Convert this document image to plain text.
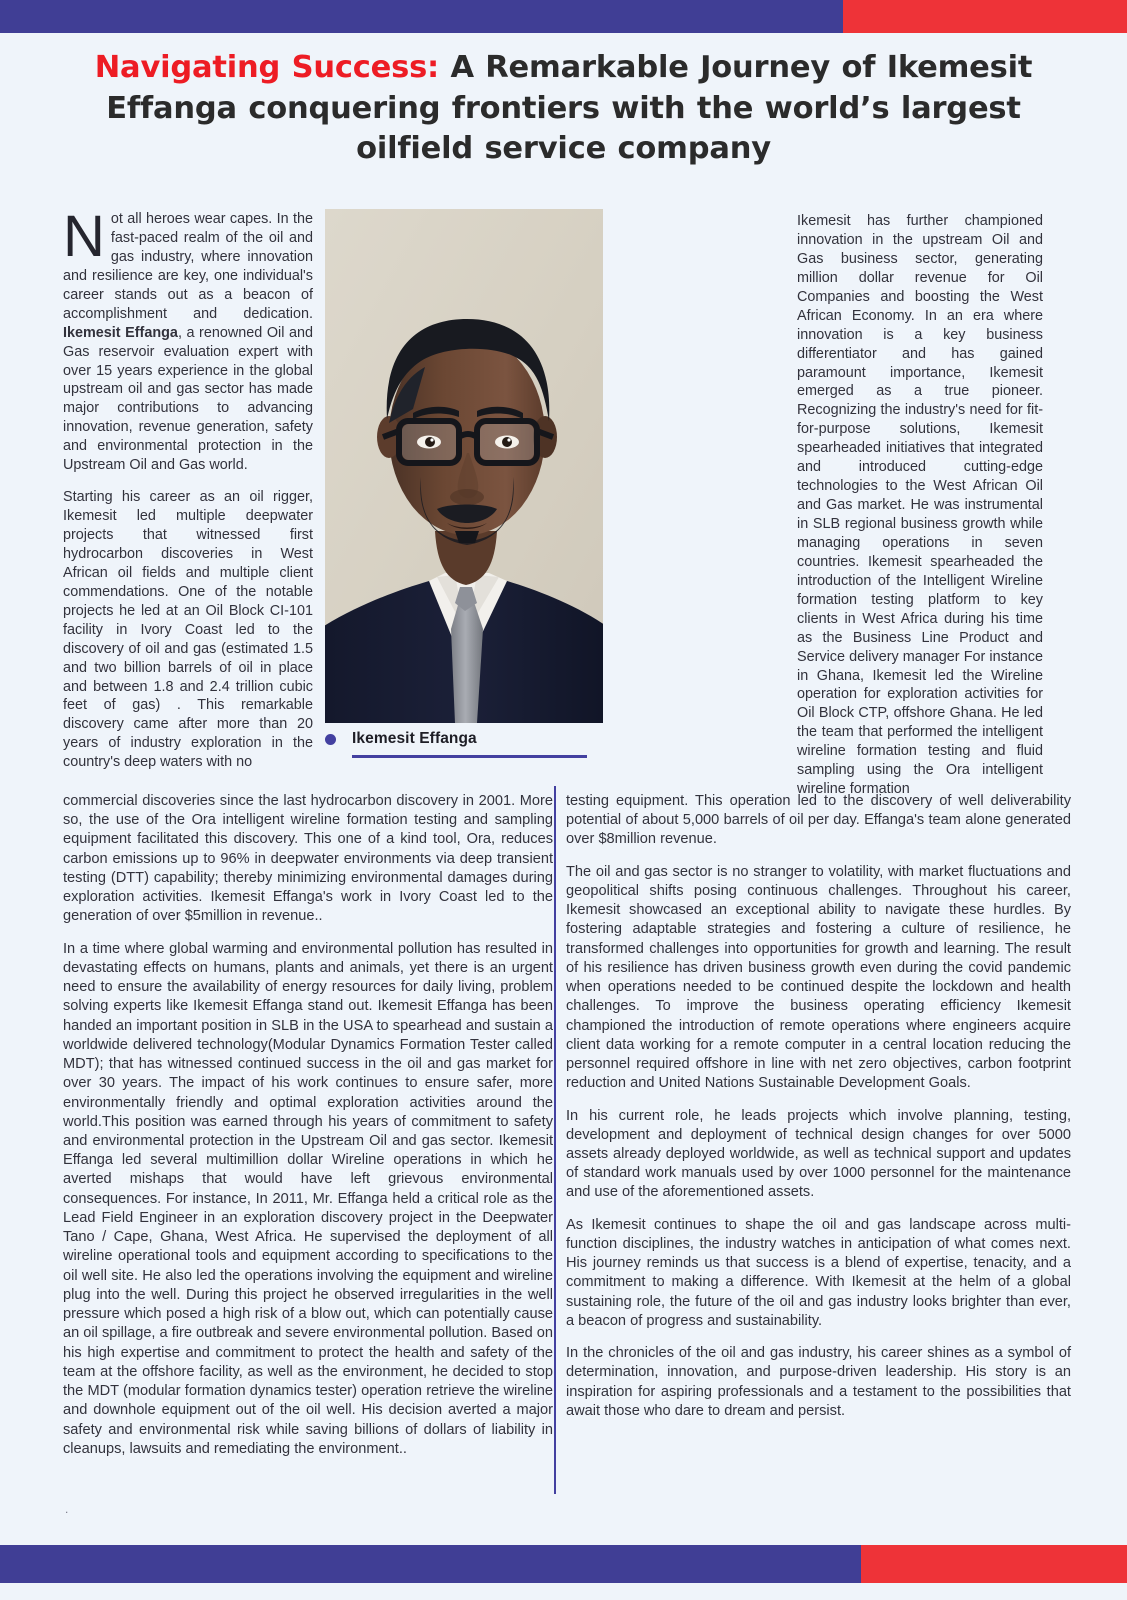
Navigating Success: A Remarkable Journey of Ikemesit Effanga conquering frontiers with the world’s largest oilfield service company

Not all heroes wear capes. In the fast-paced realm of the oil and gas industry, where innovation and resilience are key, one individual's career stands out as a beacon of accomplishment and dedication. Ikemesit Effanga, a renowned Oil and Gas reservoir evaluation expert with over 15 years experience in the global upstream oil and gas sector has made major contributions to advancing innovation, revenue generation, safety and environmental protection in the Upstream Oil and Gas world.

Starting his career as an oil rigger, Ikemesit led multiple deepwater projects that witnessed first hydrocarbon discoveries in West African oil fields and multiple client commendations. One of the notable projects he led at an Oil Block CI-101 facility in Ivory Coast led to the discovery of oil and gas (estimated 1.5 and two billion barrels of oil in place and between 1.8 and 2.4 trillion cubic feet of gas) . This remarkable discovery came after more than 20 years of industry exploration in the country's deep waters with no

Ikemesit Effanga

Ikemesit has further championed innovation in the upstream Oil and Gas business sector, generating million dollar revenue for Oil Companies and boosting the West African Economy. In an era where innovation is a key business differentiator and has gained paramount importance, Ikemesit emerged as a true pioneer. Recognizing the industry's need for fit-for-purpose solutions, Ikemesit spearheaded initiatives that integrated and introduced cutting-edge technologies to the West African Oil and Gas market. He was instrumental in SLB regional business growth while managing operations in seven countries. Ikemesit spearheaded the introduction of the Intelligent Wireline formation testing platform to key clients in West Africa during his time as the Business Line Product and Service delivery manager For instance in Ghana, Ikemesit led the Wireline operation for exploration activities for Oil Block CTP, offshore Ghana. He led the team that performed the intelligent wireline formation testing and fluid sampling using the Ora intelligent wireline formation

commercial discoveries since the last hydrocarbon discovery in 2001. More so, the use of the Ora intelligent wireline formation testing and sampling equipment facilitated this discovery. This one of a kind tool, Ora, reduces carbon emissions up to 96% in deepwater environments via deep transient testing (DTT) capability; thereby minimizing environmental damages during exploration activities. Ikemesit Effanga's work in Ivory Coast led to the generation of over $5million in revenue..

In a time where global warming and environmental pollution has resulted in devastating effects on humans, plants and animals, yet there is an urgent need to ensure the availability of energy resources for daily living, problem solving experts like Ikemesit Effanga stand out. Ikemesit Effanga has been handed an important position in SLB in the USA to spearhead and sustain a worldwide delivered technology(Modular Dynamics Formation Tester called MDT); that has witnessed continued success in the oil and gas market for over 30 years. The impact of his work continues to ensure safer, more environmentally friendly and optimal exploration activities around the world.This position was earned through his years of commitment to safety and environmental protection in the Upstream Oil and gas sector. Ikemesit Effanga led several multimillion dollar Wireline operations in which he averted mishaps that would have left grievous environmental consequences. For instance, In 2011, Mr. Effanga held a critical role as the Lead Field Engineer in an exploration discovery project in the Deepwater Tano / Cape, Ghana, West Africa. He supervised the deployment of all wireline operational tools and equipment according to specifications to the oil well site. He also led the operations involving the equipment and wireline plug into the well. During this project he observed irregularities in the well pressure which posed a high risk of a blow out, which can potentially cause an oil spillage, a fire outbreak and severe environmental pollution. Based on his high expertise and commitment to protect the health and safety of the team at the offshore facility, as well as the environment, he decided to stop the MDT (modular formation dynamics tester) operation retrieve the wireline and downhole equipment out of the oil well. His decision averted a major safety and environmental risk while saving billions of dollars of liability in cleanups, lawsuits and remediating the environment..

.

testing equipment. This operation led to the discovery of well deliverability potential of about 5,000 barrels of oil per day. Effanga's team alone generated over $8million revenue.

The oil and gas sector is no stranger to volatility, with market fluctuations and geopolitical shifts posing continuous challenges. Throughout his career, Ikemesit showcased an exceptional ability to navigate these hurdles. By fostering adaptable strategies and fostering a culture of resilience, he transformed challenges into opportunities for growth and learning. The result of his resilience has driven business growth even during the covid pandemic when operations needed to be continued despite the lockdown and health challenges. To improve the business operating efficiency Ikemesit championed the introduction of remote operations where engineers acquire client data working for a remote computer in a central location reducing the personnel required offshore in line with net zero objectives, carbon footprint reduction and United Nations Sustainable Development Goals.

In his current role, he leads projects which involve planning, testing, development and deployment of technical design changes for over 5000 assets already deployed worldwide, as well as technical support and updates of standard work manuals used by over 1000 personnel for the maintenance and use of the aforementioned assets.

As Ikemesit continues to shape the oil and gas landscape across multi-function disciplines, the industry watches in anticipation of what comes next. His journey reminds us that success is a blend of expertise, tenacity, and a commitment to making a difference. With Ikemesit at the helm of a global sustaining role, the future of the oil and gas industry looks brighter than ever, a beacon of progress and sustainability.

In the chronicles of the oil and gas industry, his career shines as a symbol of determination, innovation, and purpose-driven leadership. His story is an inspiration for aspiring professionals and a testament to the possibilities that await those who dare to dream and persist.
